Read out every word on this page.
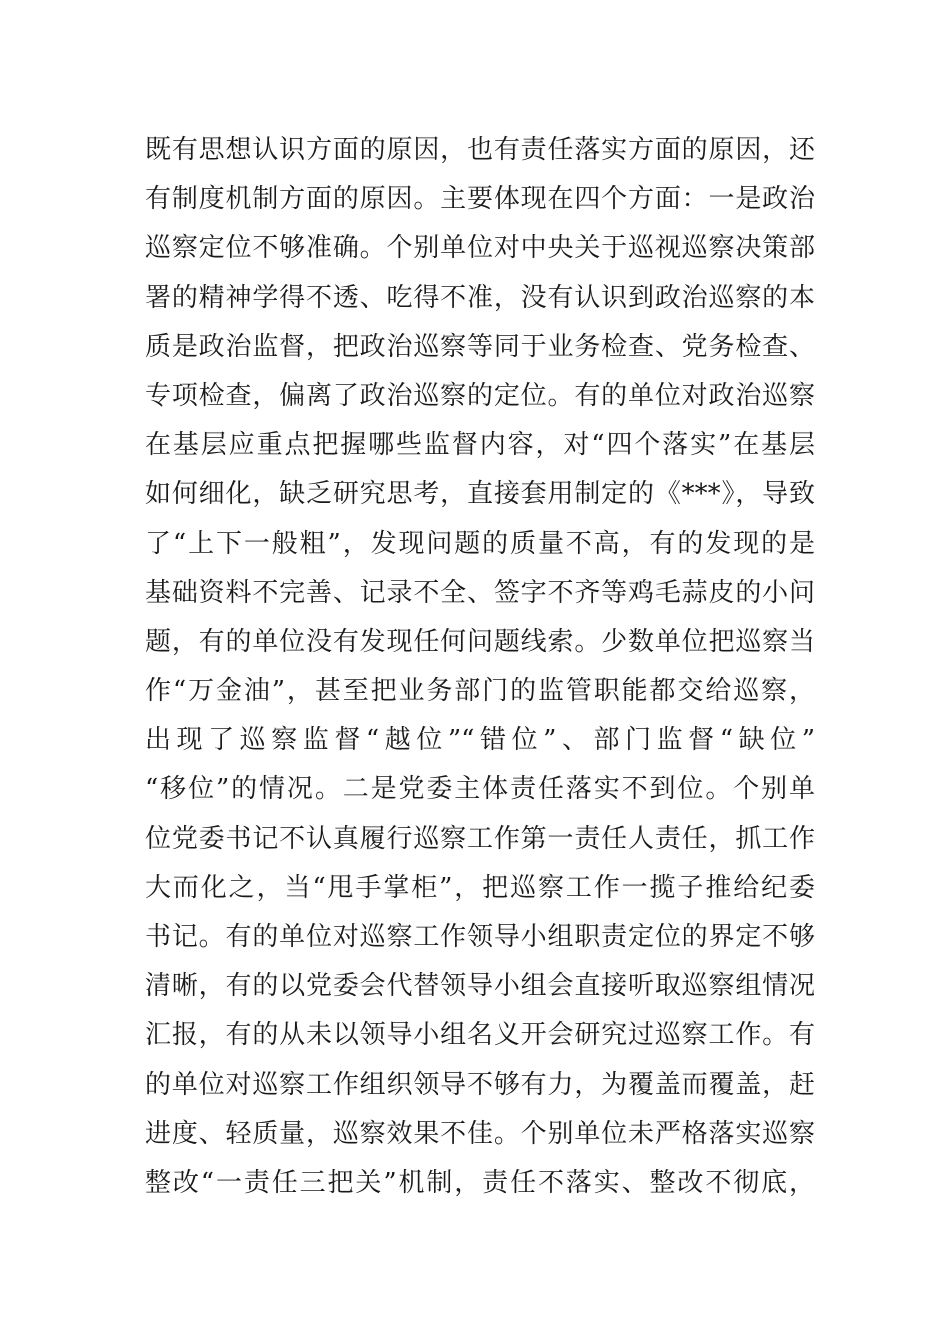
既有思想认识方面的原因，也有责任落实方面的原因，还
有制度机制方面的原因。主要体现在四个方面：一是政治
巡察定位不够准确。个别单位对中央关于巡视巡察决策部
署的精神学得不透、吃得不准，没有认识到政治巡察的本
质是政治监督，把政治巡察等同于业务检查、党务检查、
专项检查，偏离了政治巡察的定位。有的单位对政治巡察
在基层应重点把握哪些监督内容，对“四个落实”在基层
如何细化，缺乏研究思考，直接套用制定的《***》，导致
了“上下一般粗”，发现问题的质量不高，有的发现的是
基础资料不完善、记录不全、签字不齐等鸡毛蒜皮的小问
题，有的单位没有发现任何问题线索。少数单位把巡察当
作“万金油”，甚至把业务部门的监管职能都交给巡察，
出现了巡察监督“越位”“错位”、部门监督“缺位”
“移位”的情况。二是党委主体责任落实不到位。个别单
位党委书记不认真履行巡察工作第一责任人责任，抓工作
大而化之，当“甩手掌柜”，把巡察工作一揽子推给纪委
书记。有的单位对巡察工作领导小组职责定位的界定不够
清晰，有的以党委会代替领导小组会直接听取巡察组情况
汇报，有的从未以领导小组名义开会研究过巡察工作。有
的单位对巡察工作组织领导不够有力，为覆盖而覆盖，赶
进度、轻质量，巡察效果不佳。个别单位未严格落实巡察
整改“一责任三把关”机制，责任不落实、整改不彻底，
